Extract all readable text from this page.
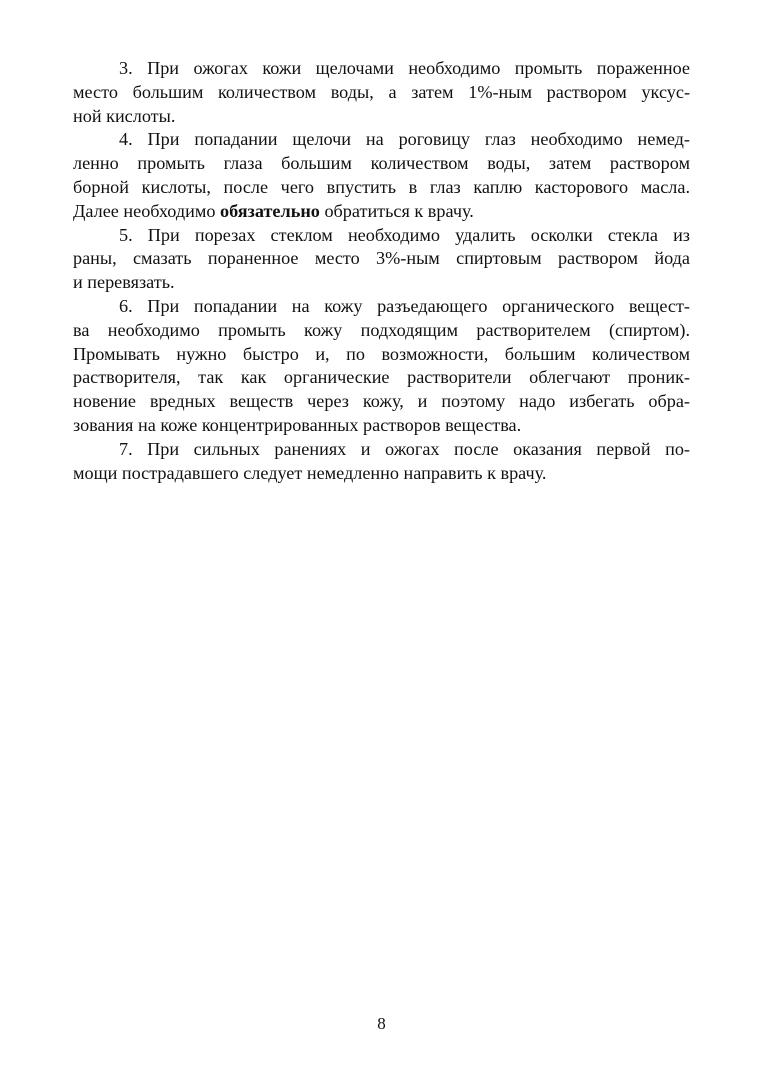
3. При ожогах кожи щелочами необходимо промыть пораженное
место большим количеством воды, а затем 1%-ным раствором уксус-
ной кислоты.
4. При попадании щелочи на роговицу глаз необходимо немед-
ленно промыть глаза большим количеством воды, затем раствором
борной кислоты, после чего впустить в глаз каплю касторового масла.
Далее необходимо обязательно обратиться к врачу.
5. При порезах стеклом необходимо удалить осколки стекла из
раны, смазать пораненное место 3%-ным спиртовым раствором йода
и перевязать.
6. При попадании на кожу разъедающего органического вещест-
ва необходимо промыть кожу подходящим растворителем (спиртом).
Промывать нужно быстро и, по возможности, большим количеством
растворителя, так как органические растворители облегчают проник-
новение вредных веществ через кожу, и поэтому надо избегать обра-
зования на коже концентрированных растворов вещества.
7. При сильных ранениях и ожогах после оказания первой по-
мощи пострадавшего следует немедленно направить к врачу.
8
